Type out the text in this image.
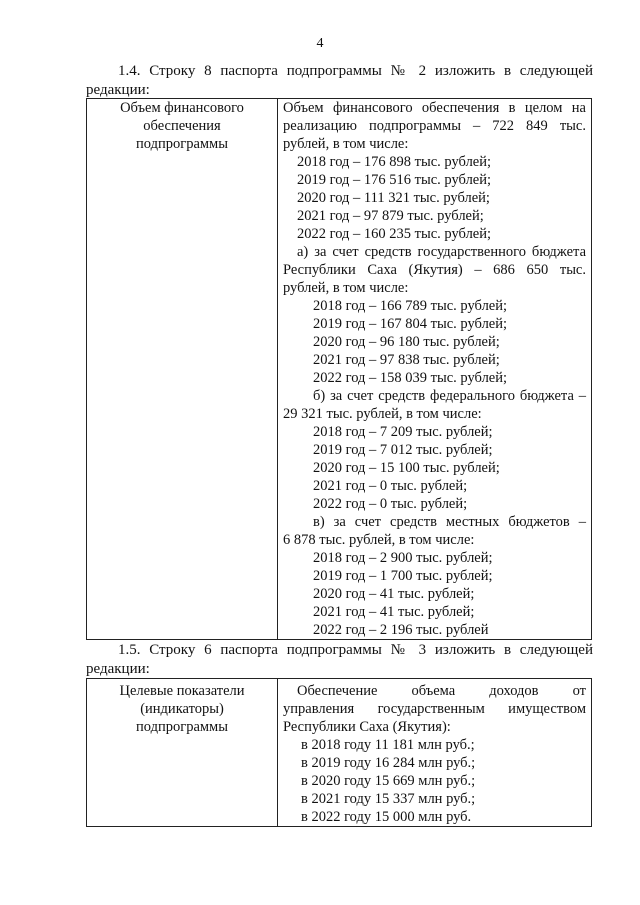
4
1.4. Строку 8 паспорта подпрограммы № 2 изложить в следующей
редакции:
Объем финансового
обеспечения
подпрограммы

Объем финансового обеспечения в целом на
реализацию подпрограммы – 722 849 тыс.
рублей, в том числе:
2018 год – 176 898 тыс. рублей;
2019 год – 176 516 тыс. рублей;
2020 год – 111 321 тыс. рублей;
2021 год – 97 879 тыс. рублей;
2022 год – 160 235 тыс. рублей;
а) за счет средств государственного бюджета
Республики Саха (Якутия) – 686 650 тыс.
рублей, в том числе:
2018 год – 166 789 тыс. рублей;
2019 год – 167 804 тыс. рублей;
2020 год – 96 180 тыс. рублей;
2021 год – 97 838 тыс. рублей;
2022 год – 158 039 тыс. рублей;
б) за счет средств федерального бюджета –
29 321 тыс. рублей, в том числе:
2018 год – 7 209 тыс. рублей;
2019 год – 7 012 тыс. рублей;
2020 год – 15 100 тыс. рублей;
2021 год – 0 тыс. рублей;
2022 год – 0 тыс. рублей;
в) за счет средств местных бюджетов –
6 878 тыс. рублей, в том числе:
2018 год – 2 900 тыс. рублей;
2019 год – 1 700 тыс. рублей;
2020 год – 41 тыс. рублей;
2021 год – 41 тыс. рублей;
2022 год – 2 196 тыс. рублей
1.5. Строку 6 паспорта подпрограммы № 3 изложить в следующей
редакции:
Целевые показатели
(индикаторы)
подпрограммы

Обеспечение объема доходов от
управления государственным имуществом
Республики Саха (Якутия):
в 2018 году 11 181 млн руб.;
в 2019 году 16 284 млн руб.;
в 2020 году 15 669 млн руб.;
в 2021 году 15 337 млн руб.;
в 2022 году 15 000 млн руб.
